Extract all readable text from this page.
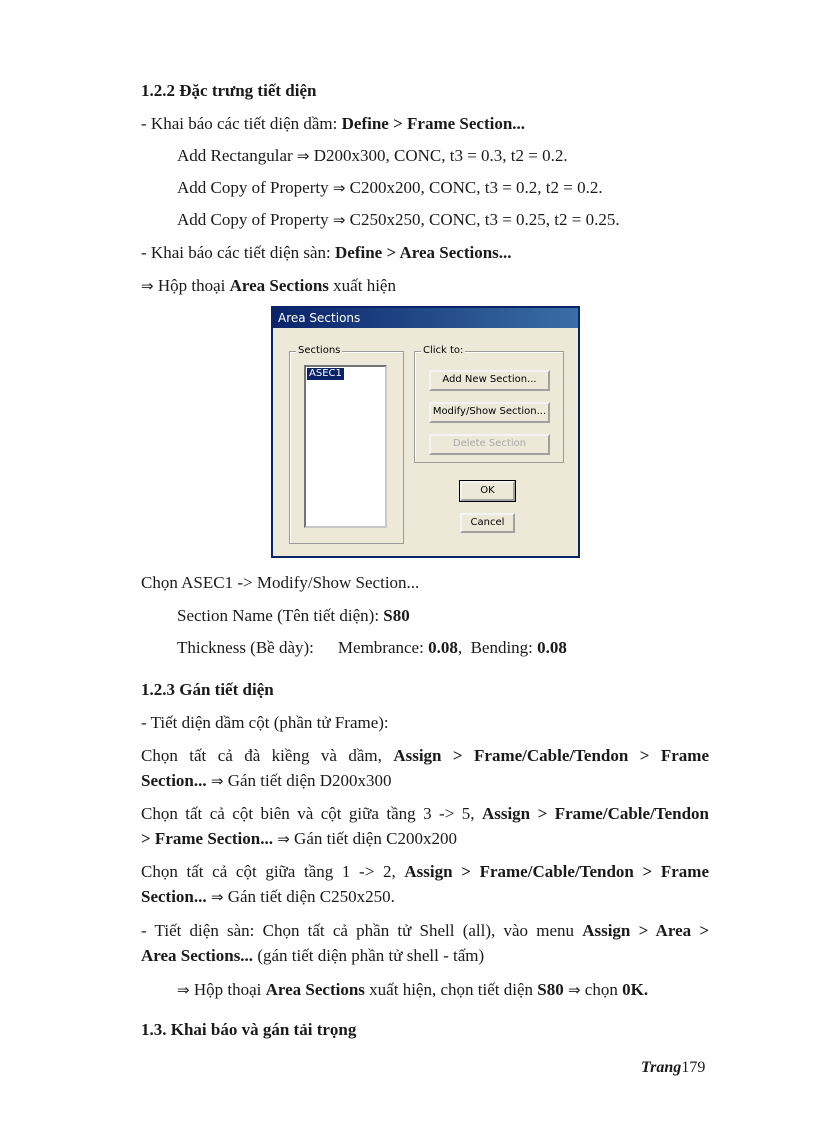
1.2.2 Đặc trưng tiết diện
- Khai báo các tiết diện dầm: Define > Frame Section...
Add Rectangular ⇒ D200x300, CONC, t3 = 0.3, t2 = 0.2.
Add Copy of Property ⇒ C200x200, CONC, t3 = 0.2, t2 = 0.2.
Add Copy of Property ⇒ C250x250, CONC, t3 = 0.25, t2 = 0.25.
- Khai báo các tiết diện sàn: Define > Area Sections...
⇒ Hộp thoại Area Sections xuất hiện
Area Sections
Sections
ASEC1
Click to:
Add New Section...
Modify/Show Section...
Delete Section
OK
Cancel
Chọn ASEC1 -> Modify/Show Section...
Section Name (Tên tiết diện): S80
Thickness (Bề dày): Membrance: 0.08,  Bending: 0.08
1.2.3 Gán tiết diện
- Tiết diện dầm cột (phần tử Frame):
Chọn tất cả đà kiềng và dầm, Assign > Frame/Cable/Tendon > Frame
Section... ⇒ Gán tiết diện D200x300
Chọn tất cả cột biên và cột giữa tầng 3 -> 5, Assign > Frame/Cable/Tendon
> Frame Section... ⇒ Gán tiết diện C200x200
Chọn tất cả cột giữa tầng 1 -> 2, Assign > Frame/Cable/Tendon > Frame
Section... ⇒ Gán tiết diện C250x250.
- Tiết diện sàn: Chọn tất cả phần tử Shell (all), vào menu Assign > Area >
Area Sections... (gán tiết diện phần tử shell - tấm)
⇒ Hộp thoại Area Sections xuất hiện, chọn tiết diện S80 ⇒ chọn 0K.
1.3. Khai báo và gán tải trọng
Trang179
